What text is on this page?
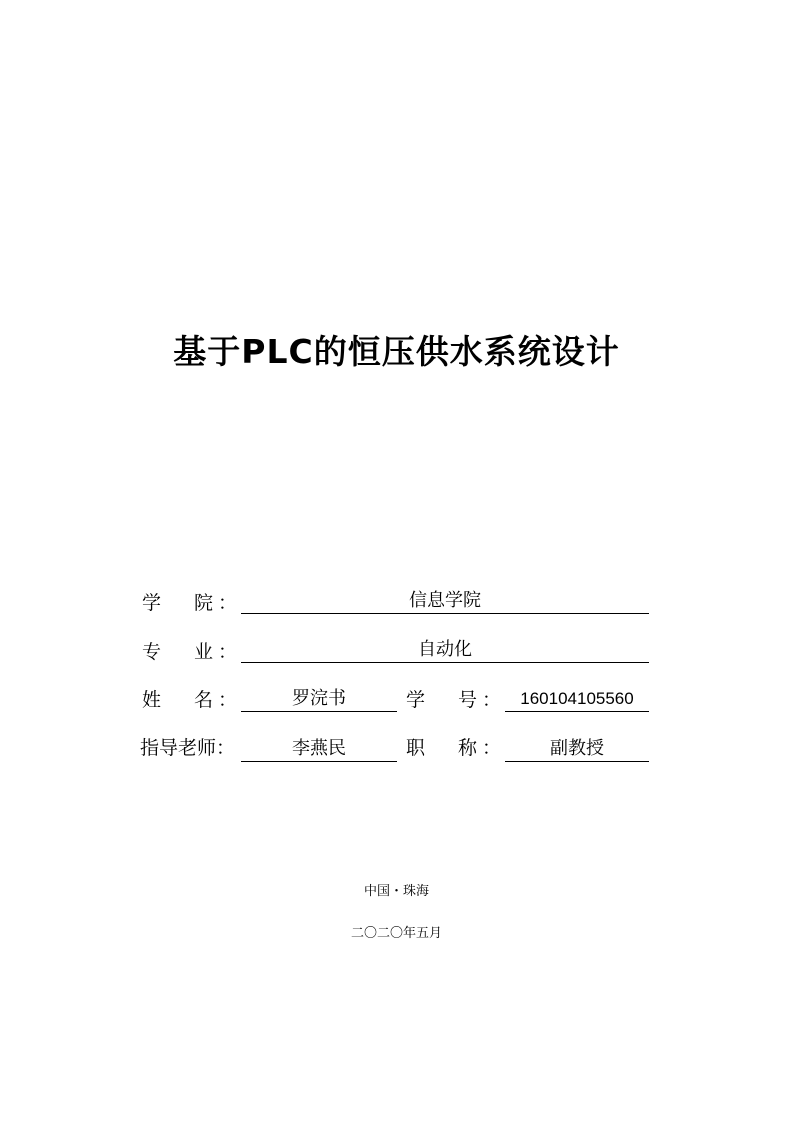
基于PLC的恒压供水系统设计
学 院 ：	信息学院
专 业 ：	自动化
姓 名 ：	罗浣书	学 号 ：	160104105560
指导老师：	李燕民	职 称 ：	副教授
中国・珠海
二〇二〇年五月
